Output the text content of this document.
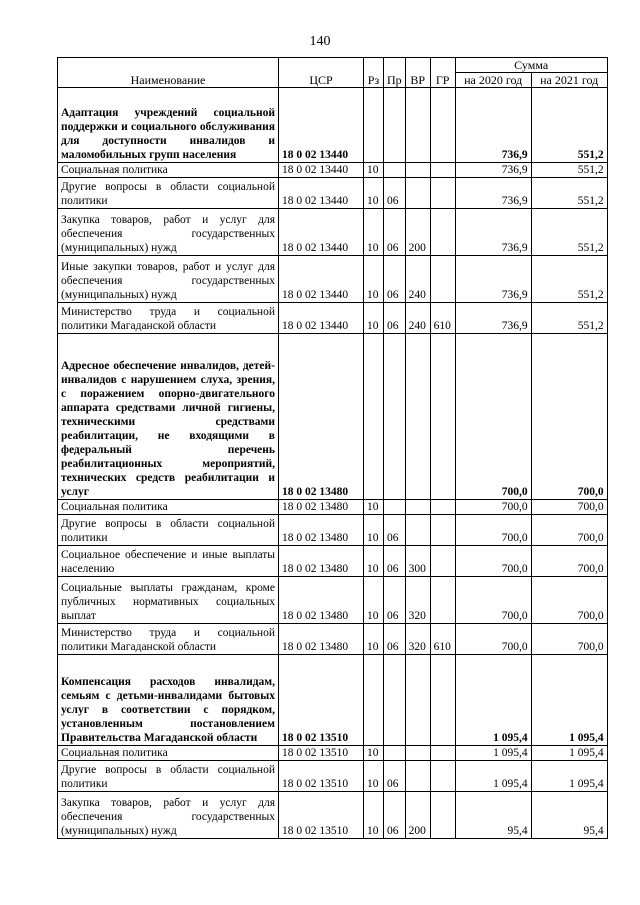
140
Наименование	ЦСР	Рз	Пр	ВР	ГР	Сумма	
						на 2020 год	на 2021 год
Адаптация учреждений социальной поддержки и социального обслуживания для доступности инвалидов и маломобильных групп населения	18 0 02 13440					736,9	551,2
Социальная политика	18 0 02 13440	10				736,9	551,2
Другие вопросы в области социальной политики	18 0 02 13440	10	06			736,9	551,2
Закупка товаров, работ и услуг для обеспечения государственных (муниципальных) нужд	18 0 02 13440	10	06	200		736,9	551,2
Иные закупки товаров, работ и услуг для обеспечения государственных (муниципальных) нужд	18 0 02 13440	10	06	240		736,9	551,2
Министерство труда и социальной политики Магаданской области	18 0 02 13440	10	06	240	610	736,9	551,2
Адресное обеспечение инвалидов, детей-инвалидов с нарушением слуха, зрения, с поражением опорно-двигательного аппарата средствами личной гигиены, техническими средствами реабилитации, не входящими в федеральный перечень реабилитационных мероприятий, технических средств реабилитации и услуг	18 0 02 13480					700,0	700,0
Социальная политика	18 0 02 13480	10				700,0	700,0
Другие вопросы в области социальной политики	18 0 02 13480	10	06			700,0	700,0
Социальное обеспечение и иные выплаты населению	18 0 02 13480	10	06	300		700,0	700,0
Социальные выплаты гражданам, кроме публичных нормативных социальных выплат	18 0 02 13480	10	06	320		700,0	700,0
Министерство труда и социальной политики Магаданской области	18 0 02 13480	10	06	320	610	700,0	700,0
Компенсация расходов инвалидам, семьям с детьми-инвалидами бытовых услуг в соответствии с порядком, установленным постановлением Правительства Магаданской области	18 0 02 13510					1 095,4	1 095,4
Социальная политика	18 0 02 13510	10				1 095,4	1 095,4
Другие вопросы в области социальной политики	18 0 02 13510	10	06			1 095,4	1 095,4
Закупка товаров, работ и услуг для обеспечения государственных (муниципальных) нужд	18 0 02 13510	10	06	200		95,4	95,4
